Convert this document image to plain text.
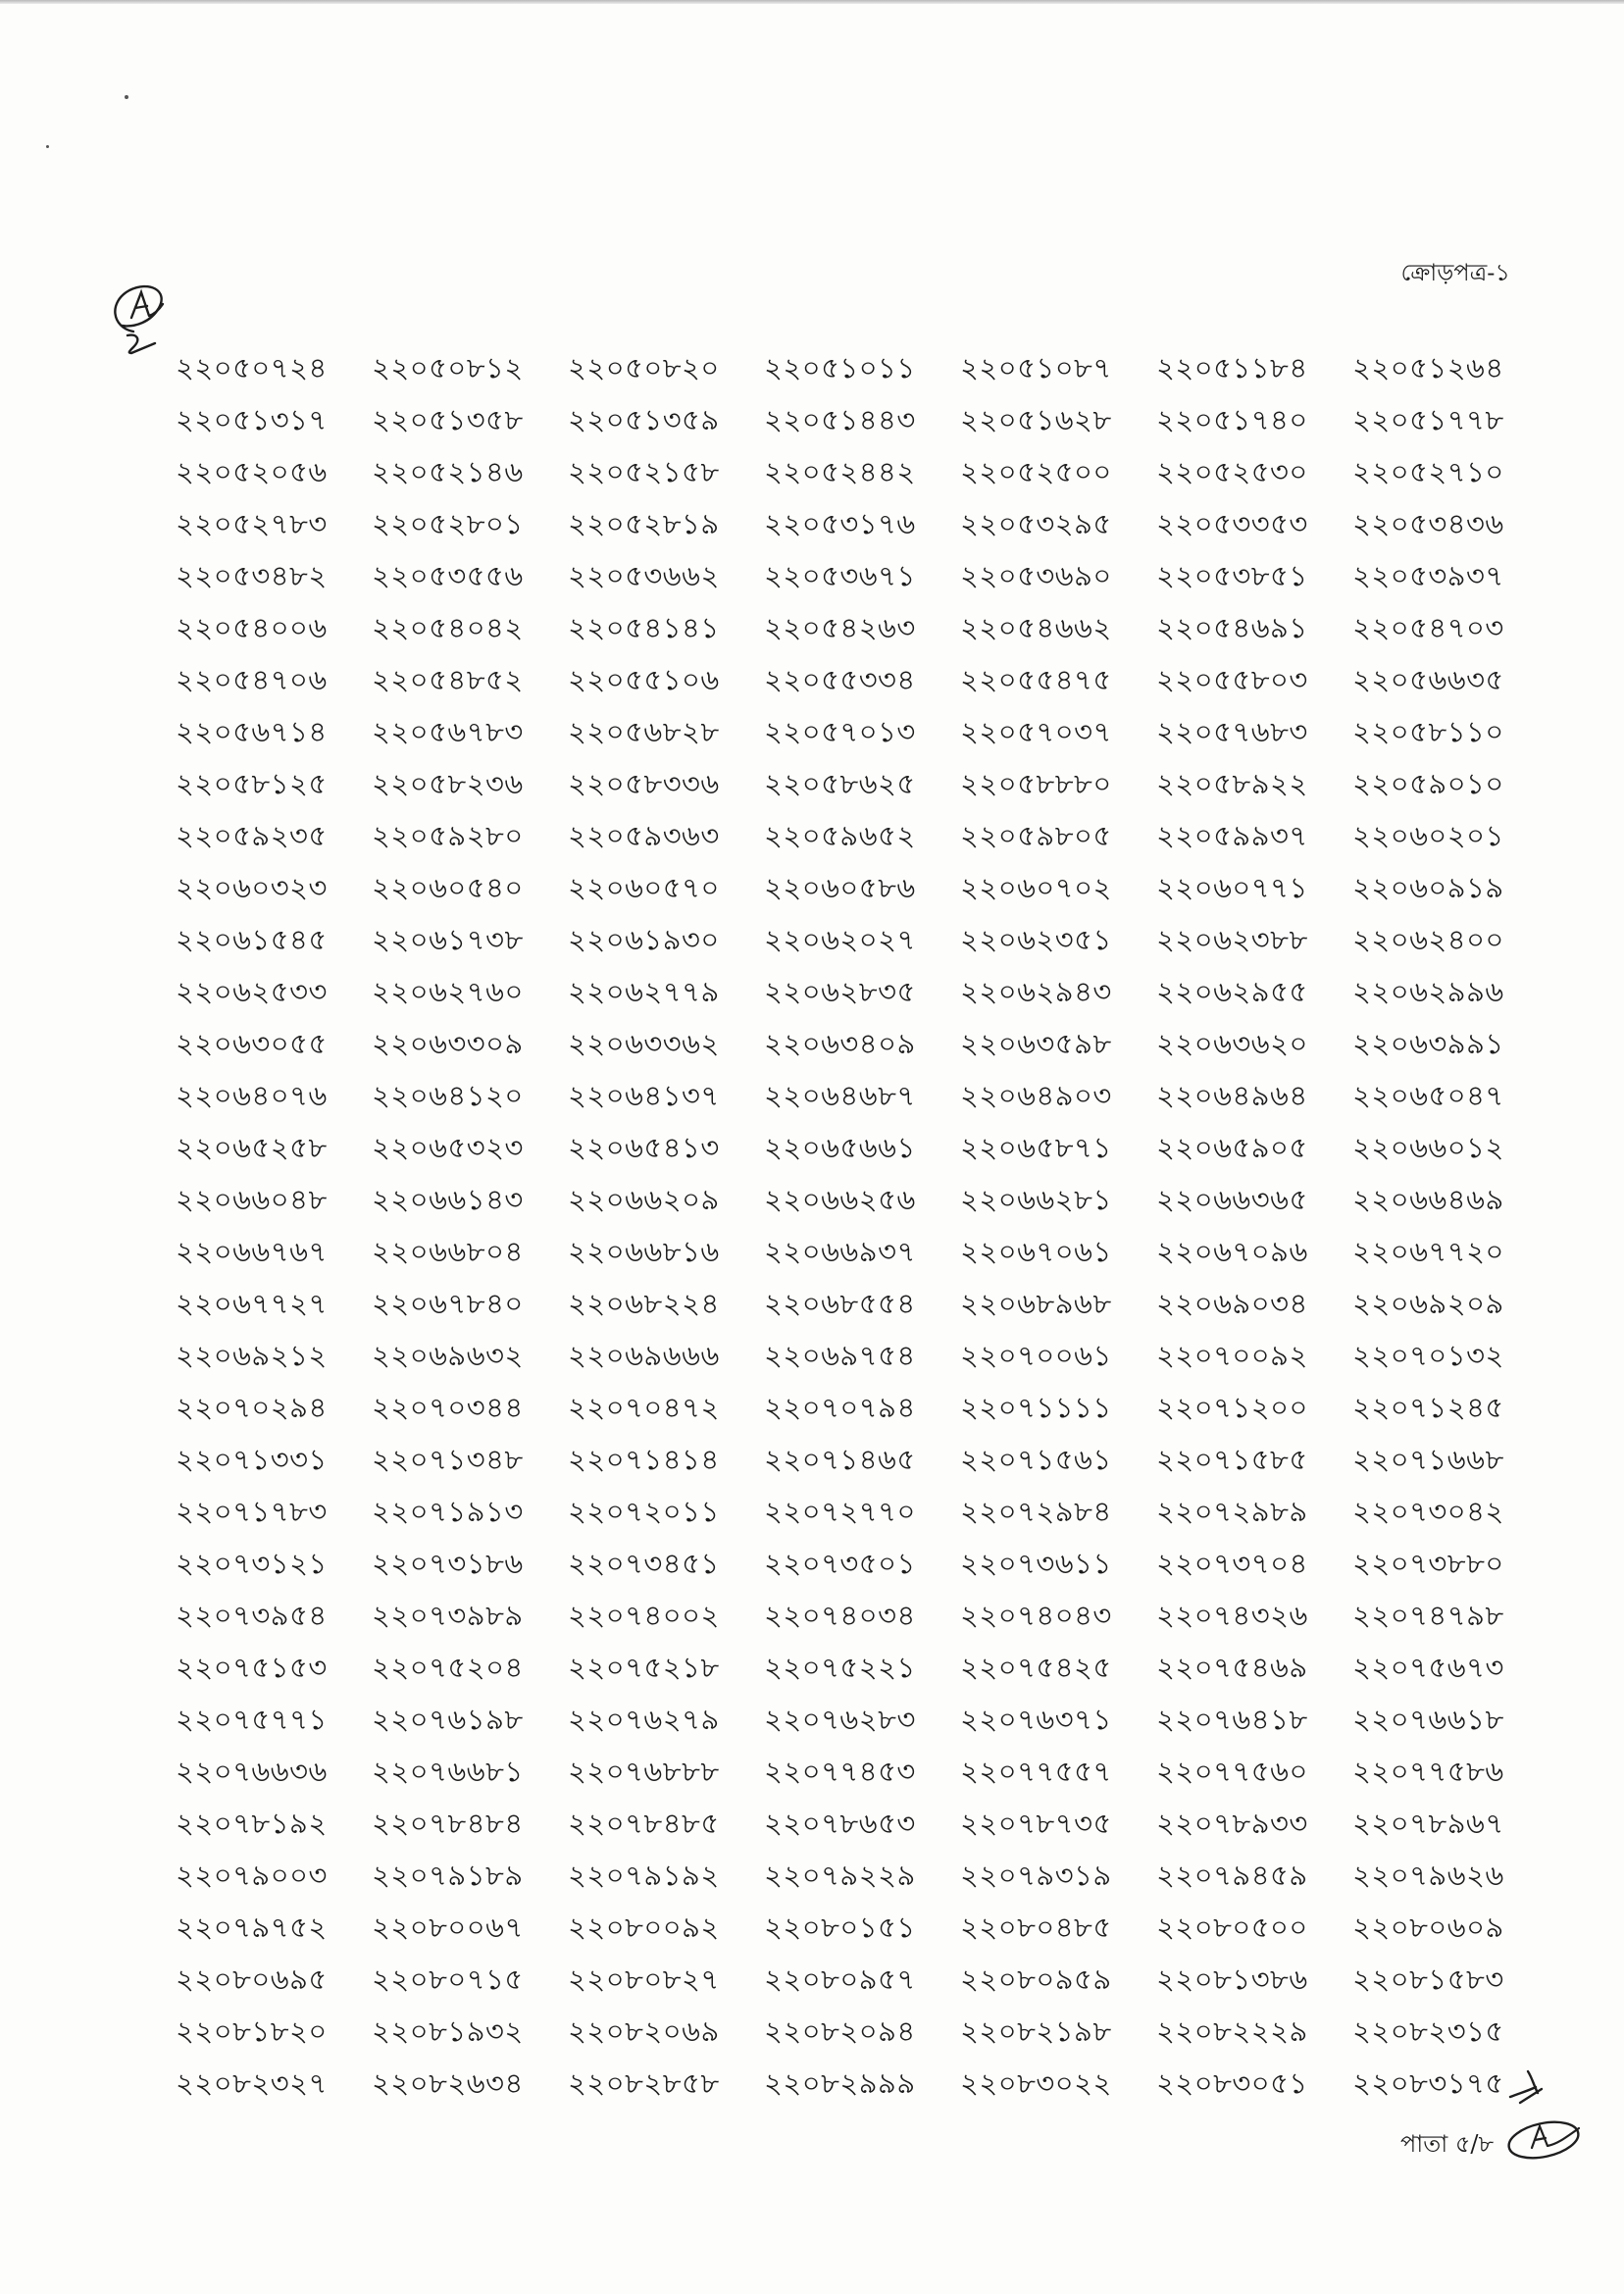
ক্রোড়পত্র-১
২২০৫০৭২৪	২২০৫০৮১২	২২০৫০৮২০	২২০৫১০১১	২২০৫১০৮৭	২২০৫১১৮৪	২২০৫১২৬৪
২২০৫১৩১৭	২২০৫১৩৫৮	২২০৫১৩৫৯	২২০৫১৪৪৩	২২০৫১৬২৮	২২০৫১৭৪০	২২০৫১৭৭৮
২২০৫২০৫৬	২২০৫২১৪৬	২২০৫২১৫৮	২২০৫২৪৪২	২২০৫২৫০০	২২০৫২৫৩০	২২০৫২৭১০
২২০৫২৭৮৩	২২০৫২৮০১	২২০৫২৮১৯	২২০৫৩১৭৬	২২০৫৩২৯৫	২২০৫৩৩৫৩	২২০৫৩৪৩৬
২২০৫৩৪৮২	২২০৫৩৫৫৬	২২০৫৩৬৬২	২২০৫৩৬৭১	২২০৫৩৬৯০	২২০৫৩৮৫১	২২০৫৩৯৩৭
২২০৫৪০০৬	২২০৫৪০৪২	২২০৫৪১৪১	২২০৫৪২৬৩	২২০৫৪৬৬২	২২০৫৪৬৯১	২২০৫৪৭০৩
২২০৫৪৭০৬	২২০৫৪৮৫২	২২০৫৫১০৬	২২০৫৫৩৩৪	২২০৫৫৪৭৫	২২০৫৫৮০৩	২২০৫৬৬৩৫
২২০৫৬৭১৪	২২০৫৬৭৮৩	২২০৫৬৮২৮	২২০৫৭০১৩	২২০৫৭০৩৭	২২০৫৭৬৮৩	২২০৫৮১১০
২২০৫৮১২৫	২২০৫৮২৩৬	২২০৫৮৩৩৬	২২০৫৮৬২৫	২২০৫৮৮৮০	২২০৫৮৯২২	২২০৫৯০১০
২২০৫৯২৩৫	২২০৫৯২৮০	২২০৫৯৩৬৩	২২০৫৯৬৫২	২২০৫৯৮০৫	২২০৫৯৯৩৭	২২০৬০২০১
২২০৬০৩২৩	২২০৬০৫৪০	২২০৬০৫৭০	২২০৬০৫৮৬	২২০৬০৭০২	২২০৬০৭৭১	২২০৬০৯১৯
২২০৬১৫৪৫	২২০৬১৭৩৮	২২০৬১৯৩০	২২০৬২০২৭	২২০৬২৩৫১	২২০৬২৩৮৮	২২০৬২৪০০
২২০৬২৫৩৩	২২০৬২৭৬০	২২০৬২৭৭৯	২২০৬২৮৩৫	২২০৬২৯৪৩	২২০৬২৯৫৫	২২০৬২৯৯৬
২২০৬৩০৫৫	২২০৬৩৩০৯	২২০৬৩৩৬২	২২০৬৩৪০৯	২২০৬৩৫৯৮	২২০৬৩৬২০	২২০৬৩৯৯১
২২০৬৪০৭৬	২২০৬৪১২০	২২০৬৪১৩৭	২২০৬৪৬৮৭	২২০৬৪৯০৩	২২০৬৪৯৬৪	২২০৬৫০৪৭
২২০৬৫২৫৮	২২০৬৫৩২৩	২২০৬৫৪১৩	২২০৬৫৬৬১	২২০৬৫৮৭১	২২০৬৫৯০৫	২২০৬৬০১২
২২০৬৬০৪৮	২২০৬৬১৪৩	২২০৬৬২০৯	২২০৬৬২৫৬	২২০৬৬২৮১	২২০৬৬৩৬৫	২২০৬৬৪৬৯
২২০৬৬৭৬৭	২২০৬৬৮০৪	২২০৬৬৮১৬	২২০৬৬৯৩৭	২২০৬৭০৬১	২২০৬৭০৯৬	২২০৬৭৭২০
২২০৬৭৭২৭	২২০৬৭৮৪০	২২০৬৮২২৪	২২০৬৮৫৫৪	২২০৬৮৯৬৮	২২০৬৯০৩৪	২২০৬৯২০৯
২২০৬৯২১২	২২০৬৯৬৩২	২২০৬৯৬৬৬	২২০৬৯৭৫৪	২২০৭০০৬১	২২০৭০০৯২	২২০৭০১৩২
২২০৭০২৯৪	২২০৭০৩৪৪	২২০৭০৪৭২	২২০৭০৭৯৪	২২০৭১১১১	২২০৭১২০০	২২০৭১২৪৫
২২০৭১৩৩১	২২০৭১৩৪৮	২২০৭১৪১৪	২২০৭১৪৬৫	২২০৭১৫৬১	২২০৭১৫৮৫	২২০৭১৬৬৮
২২০৭১৭৮৩	২২০৭১৯১৩	২২০৭২০১১	২২০৭২৭৭০	২২০৭২৯৮৪	২২০৭২৯৮৯	২২০৭৩০৪২
২২০৭৩১২১	২২০৭৩১৮৬	২২০৭৩৪৫১	২২০৭৩৫০১	২২০৭৩৬১১	২২০৭৩৭০৪	২২০৭৩৮৮০
২২০৭৩৯৫৪	২২০৭৩৯৮৯	২২০৭৪০০২	২২০৭৪০৩৪	২২০৭৪০৪৩	২২০৭৪৩২৬	২২০৭৪৭৯৮
২২০৭৫১৫৩	২২০৭৫২০৪	২২০৭৫২১৮	২২০৭৫২২১	২২০৭৫৪২৫	২২০৭৫৪৬৯	২২০৭৫৬৭৩
২২০৭৫৭৭১	২২০৭৬১৯৮	২২০৭৬২৭৯	২২০৭৬২৮৩	২২০৭৬৩৭১	২২০৭৬৪১৮	২২০৭৬৬১৮
২২০৭৬৬৩৬	২২০৭৬৬৮১	২২০৭৬৮৮৮	২২০৭৭৪৫৩	২২০৭৭৫৫৭	২২০৭৭৫৬০	২২০৭৭৫৮৬
২২০৭৮১৯২	২২০৭৮৪৮৪	২২০৭৮৪৮৫	২২০৭৮৬৫৩	২২০৭৮৭৩৫	২২০৭৮৯৩৩	২২০৭৮৯৬৭
২২০৭৯০০৩	২২০৭৯১৮৯	২২০৭৯১৯২	২২০৭৯২২৯	২২০৭৯৩১৯	২২০৭৯৪৫৯	২২০৭৯৬২৬
২২০৭৯৭৫২	২২০৮০০৬৭	২২০৮০০৯২	২২০৮০১৫১	২২০৮০৪৮৫	২২০৮০৫০০	২২০৮০৬০৯
২২০৮০৬৯৫	২২০৮০৭১৫	২২০৮০৮২৭	২২০৮০৯৫৭	২২০৮০৯৫৯	২২০৮১৩৮৬	২২০৮১৫৮৩
২২০৮১৮২০	২২০৮১৯৩২	২২০৮২০৬৯	২২০৮২০৯৪	২২০৮২১৯৮	২২০৮২২২৯	২২০৮২৩১৫
২২০৮২৩২৭	২২০৮২৬৩৪	২২০৮২৮৫৮	২২০৮২৯৯৯	২২০৮৩০২২	২২০৮৩০৫১	২২০৮৩১৭৫
পাতা ৫/৮
